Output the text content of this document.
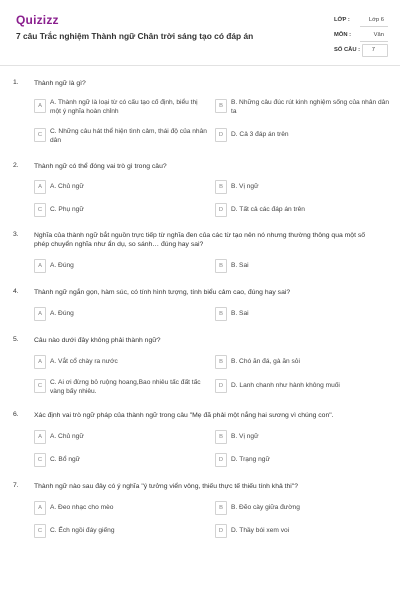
Quizizz
7 câu Trắc nghiệm Thành ngữ Chân trời sáng tạo có đáp án
LỚP :	Lớp 6
MÔN :	Văn
SỐ CÂU : 7
1. Thành ngữ là gì?
A	A. Thành ngữ là loại từ có cấu tạo cố định, biểu thị một ý nghĩa hoàn chỉnh
B	B. Những câu đúc rút kinh nghiệm sống của nhân dân ta
C	C. Những câu hát thể hiện tình cảm, thái độ của nhân dân
D	D. Cả 3 đáp án trên
2. Thành ngữ có thể đóng vai trò gì trong câu?
A	A. Chủ ngữ	B	B. Vị ngữ
C	C. Phụ ngữ	D	D. Tất cả các đáp án trên
3. Nghĩa của thành ngữ bắt nguồn trực tiếp từ nghĩa đen của các từ tạo nên nó nhưng thường thông qua một số phép chuyển nghĩa như ẩn dụ, so sánh… đúng hay sai?
A	A. Đúng	B	B. Sai
4. Thành ngữ ngắn gọn, hàm súc, có tính hình tượng, tính biểu cảm cao, đúng hay sai?
A	A. Đúng	B	B. Sai
5. Câu nào dưới đây không phải thành ngữ?
A	A. Vắt cổ chày ra nước	B	B. Chó ăn đá, gà ăn sỏi
C	C. Ai ơi đừng bỏ ruộng hoang,Bao nhiêu tấc đất tấc vàng bấy nhiêu.
D	D. Lanh chanh như hành không muối
6. Xác định vai trò ngữ pháp của thành ngữ trong câu "Mẹ đã phải một nắng hai sương vì chúng con".
A	A. Chủ ngữ	B	B. Vị ngữ
C	C. Bổ ngữ	D	D. Trạng ngữ
7. Thành ngữ nào sau đây có ý nghĩa "ý tưởng viển vông, thiếu thực tế thiếu tính khả thi"?
A	A. Đeo nhạc cho mèo	B	B. Đẽo cày giữa đường
C	C. Ếch ngồi đáy giếng	D	D. Thầy bói xem voi
